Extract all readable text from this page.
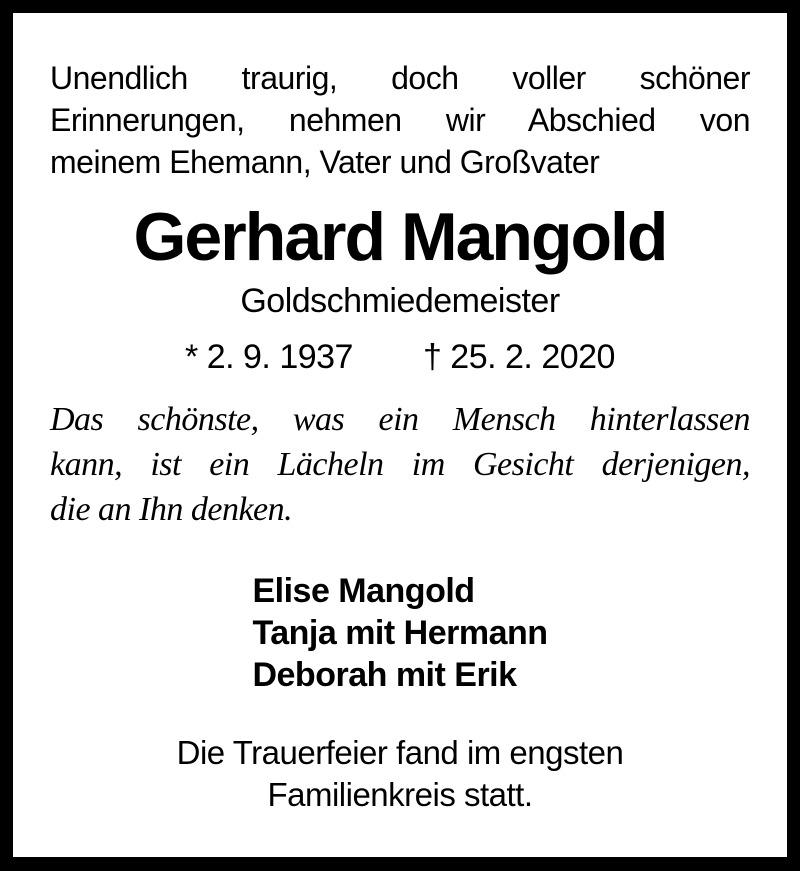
Unendlich traurig, doch voller schöner
Erinnerungen, nehmen wir Abschied von
meinem Ehemann, Vater und Großvater
Gerhard Mangold
Goldschmiedemeister
* 2. 9. 1937 † 25. 2. 2020
Das schönste, was ein Mensch hinterlassen
kann, ist ein Lächeln im Gesicht derjenigen,
die an Ihn denken.
Elise Mangold
Tanja mit Hermann
Deborah mit Erik
Die Trauerfeier fand im engsten
Familienkreis statt.
